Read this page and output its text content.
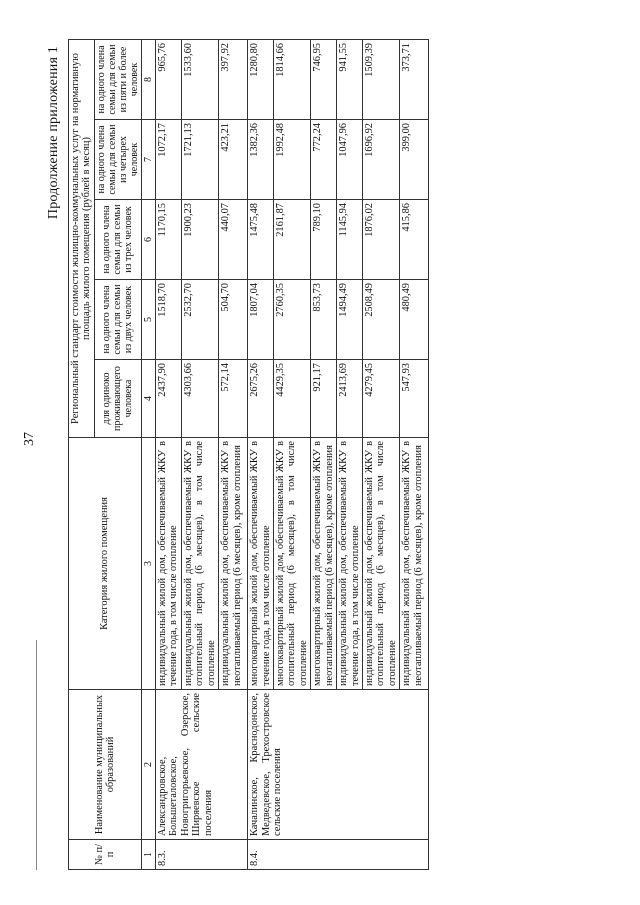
37
Продолжение приложения 1
№ п/п	Наименование муниципальных образований	Категория жилого помещения	Региональный стандарт стоимости жилищно-коммунальных услуг на нормативную площадь жилого помещения (рублей в месяц)				
			для одиноко проживающего человека	на одного члена семьи для семьи из двух человек	на одного члена семьи для семьи из трех человек	на одного члена семьи для семьи из четырех человек	на одного члена семьи для семьи из пяти и более человек
1	2	3	4	5	6	7	8
8.3.	Александровское, Большеталовское, Новогригорьевское, Озерское, Ширяевское сельские поселения	индивидуальный жилой дом, обеспечиваемый ЖКУ в течение года, в том числе отопление	2437,90	1518,70	1170,15	1072,17	965,76
		индивидуальный жилой дом, обеспечиваемый ЖКУ в отопительный период (6 месяцев), в том числе отопление	4303,66	2532,70	1900,23	1721,13	1533,60
		индивидуальный жилой дом, обеспечиваемый ЖКУ в неотапливаемый период (6 месяцев), кроме отопления	572,14	504,70	440,07	423,21	397,92
8.4.	Качалинское, Краснодонское, Медведевское, Трехостровское сельские поселения	многоквартирный жилой дом, обеспечиваемый ЖКУ в течение года, в том числе отопление	2675,26	1807,04	1475,48	1382,36	1280,80
		многоквартирный жилой дом, обеспечиваемый ЖКУ в отопительный период (6 месяцев), в том числе отопление	4429,35	2760,35	2161,87	1992,48	1814,66
		многоквартирный жилой дом, обеспечиваемый ЖКУ в неотапливаемый период (6 месяцев), кроме отопления	921,17	853,73	789,10	772,24	746,95
		индивидуальный жилой дом, обеспечиваемый ЖКУ в течение года, в том числе отопление	2413,69	1494,49	1145,94	1047,96	941,55
		индивидуальный жилой дом, обеспечиваемый ЖКУ в отопительный период (6 месяцев), в том числе отопление	4279,45	2508,49	1876,02	1696,92	1509,39
		индивидуальный жилой дом, обеспечиваемый ЖКУ в неотапливаемый период (6 месяцев), кроме отопления	547,93	480,49	415,86	399,00	373,71
